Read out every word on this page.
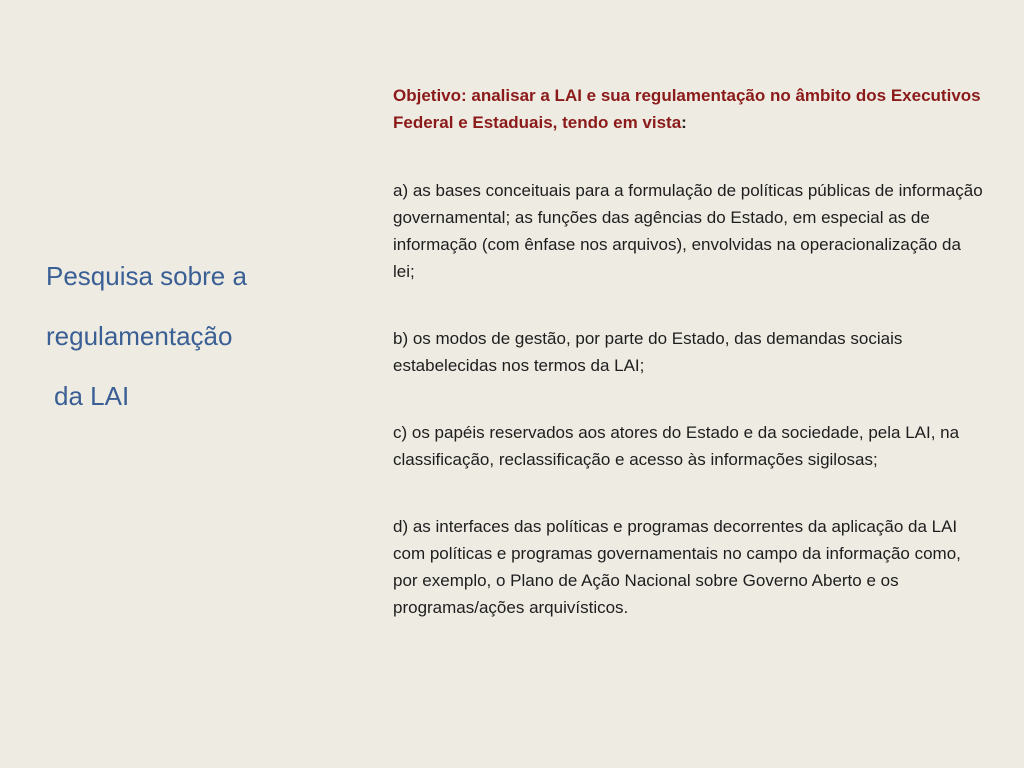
Pesquisa sobre a
regulamentação
da LAI

Objetivo: analisar a LAI e sua regulamentação no âmbito dos Executivos Federal e Estaduais, tendo em vista:

a) as bases conceituais para a formulação de políticas públicas de informação governamental; as funções das agências do Estado, em especial as de informação (com ênfase nos arquivos), envolvidas na operacionalização da lei;

b) os modos de gestão, por parte do Estado, das demandas sociais estabelecidas nos termos da LAI;

c) os papéis reservados aos atores do Estado e da sociedade, pela LAI, na classificação, reclassificação e acesso às informações sigilosas;

d) as interfaces das políticas e programas decorrentes da aplicação da LAI com políticas e programas governamentais no campo da informação como, por exemplo, o Plano de Ação Nacional sobre Governo Aberto e os programas/ações arquivísticos.
